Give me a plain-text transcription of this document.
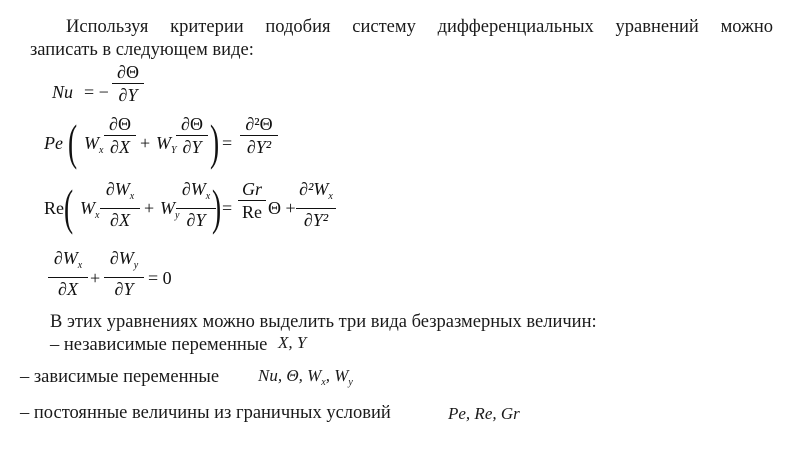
Используя критерии подобия систему дифференциальных уравнений можно
записать в следующем виде:
Nu = −
∂Θ
∂Y
Pe ( $W_x$
∂Θ
$\partial X + W_Y$
∂Θ
∂Y ) =
∂²Θ
∂Y²
Re ( $W_x$
$\partial W_x$
∂X
+ $W_y$
$\partial W_x$
∂Y ) =
Gr
Re Θ +
$\partial^2W_x$
∂Y²
$\partial W_x$
∂X
+
$\partial W_y$
∂Y
= 0
В этих уравнениях можно выделить три вида безразмерных величин:
– независимые переменные X, Y
– зависимые переменные Nu, Θ, $W_x$, $W_y$
– постоянные величины из граничных условий	Pe, Re, Gr
